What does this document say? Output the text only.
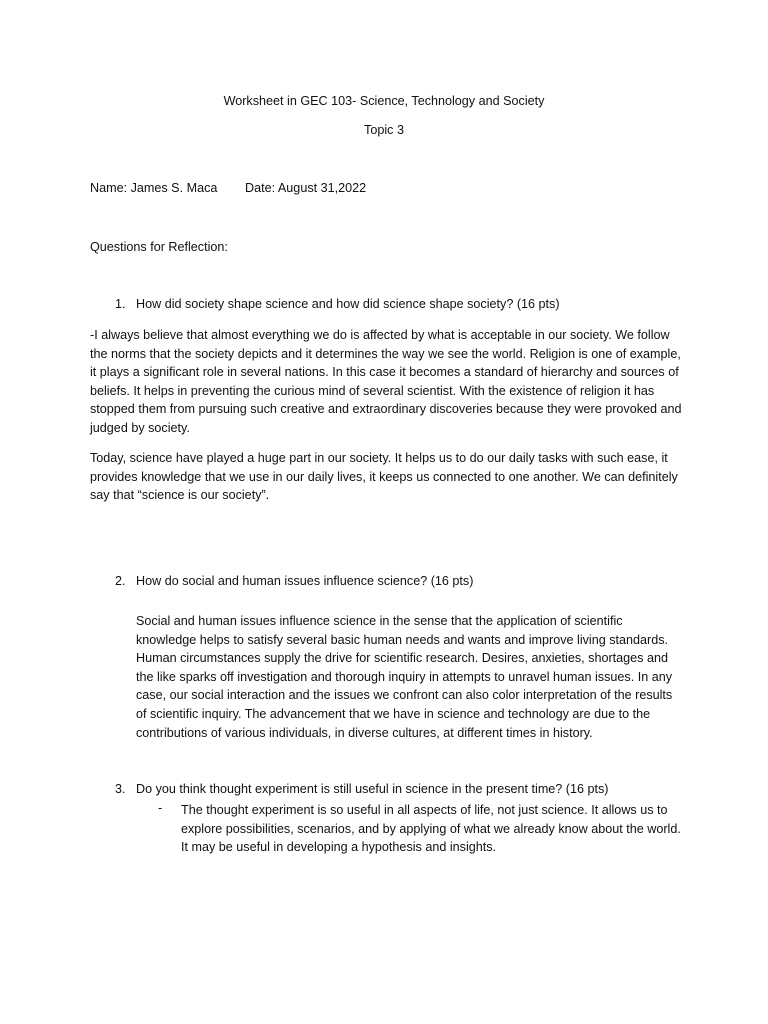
Worksheet in GEC 103- Science, Technology and Society
Topic 3
Name: James S. Maca Date: August 31,2022
Questions for Reflection:
1. How did society shape science and how did science shape society? (16 pts)

-I always believe that almost everything we do is affected by what is acceptable in our society. We follow the norms that the society depicts and it determines the way we see the world. Religion is one of example, it plays a significant role in several nations. In this case it becomes a standard of hierarchy and sources of beliefs. It helps in preventing the curious mind of several scientist. With the existence of religion it has stopped them from pursuing such creative and extraordinary discoveries because they were provoked and judged by society.

Today, science have played a huge part in our society. It helps us to do our daily tasks with such ease, it provides knowledge that we use in our daily lives, it keeps us connected to one another. We can definitely say that “science is our society”.

2. How do social and human issues influence science? (16 pts)

Social and human issues influence science in the sense that the application of scientific knowledge helps to satisfy several basic human needs and wants and improve living standards. Human circumstances supply the drive for scientific research. Desires, anxieties, shortages and the like sparks off investigation and thorough inquiry in attempts to unravel human issues. In any case, our social interaction and the issues we confront can also color interpretation of the results of scientific inquiry. The advancement that we have in science and technology are due to the contributions of various individuals, in diverse cultures, at different times in history.

3. Do you think thought experiment is still useful in science in the present time? (16 pts)
- The thought experiment is so useful in all aspects of life, not just science. It allows us to explore possibilities, scenarios, and by applying of what we already know about the world. It may be useful in developing a hypothesis and insights.
